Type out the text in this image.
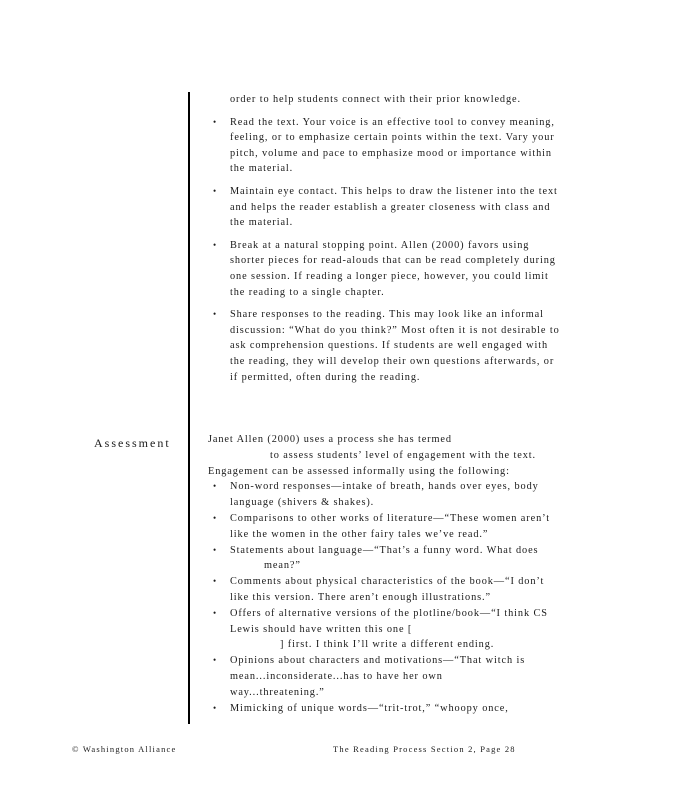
order to help students connect with their prior knowledge.

• Read the text. Your voice is an effective tool to convey meaning, feeling, or to emphasize certain points within the text. Vary your pitch, volume and pace to emphasize mood or importance within the material.
• Maintain eye contact. This helps to draw the listener into the text and helps the reader establish a greater closeness with class and the material.
• Break at a natural stopping point. Allen (2000) favors using shorter pieces for read-alouds that can be read completely during one session. If reading a longer piece, however, you could limit the reading to a single chapter.
• Share responses to the reading. This may look like an informal discussion: “What do you think?” Most often it is not desirable to ask comprehension questions. If students are well engaged with the reading, they will develop their own questions afterwards, or if permitted, often during the reading.
Assessment	Janet Allen (2000) uses a process she has termed

to assess students’ level of engagement with the text.

Engagement can be assessed informally using the following:

• Non-word responses—intake of breath, hands over eyes, body language (shivers & shakes).
• Comparisons to other works of literature—“These women aren’t like the women in the other fairy tales we’ve read.”
• Statements about language—“That’s a funny word. What doesmean?”
• Comments about physical characteristics of the book—“I don’t like this version. There aren’t enough illustrations.”
• Offers of alternative versions of the plotline/book—“I think CS Lewis should have written this one [
] first. I think I’ll write a different ending.
• Opinions about characters and motivations—“That witch is mean...inconsiderate...has to have her own
way...threatening.”
• Mimicking of unique words—“trit-trot,” “whoopy once,
© Washington Alliance	The Reading Process Section 2, Page 28
